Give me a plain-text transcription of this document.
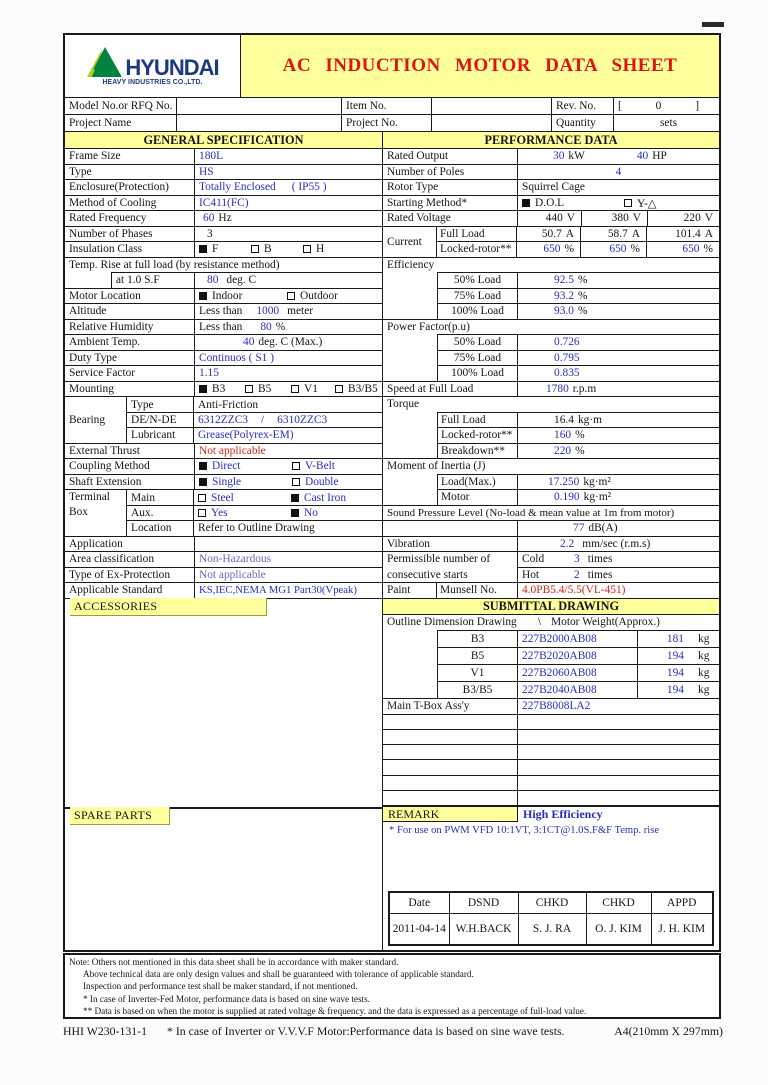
HYUNDAI
HEAVY INDUSTRIES CO.,LTD.
AC INDUCTION MOTOR DATA SHEET
Model No.or RFQ No.	Item No.	Rev. No.	[	0	]
Project Name	Project No.	Quantity	sets
GENERAL SPECIFICATION	PERFORMANCE DATA
Frame Size	180L
Type	HS
Enclosure(Protection)	Totally Enclosed ( IP55 )
Method of Cooling	IC411(FC)
Rated Frequency	60 Hz
Number of Phases	3
Insulation Class	F	B	H
Temp. Rise at full load (by resistance method)
at 1.0 S.F	80 deg. C
Motor Location	Indoor	Outdoor
Altitude	Less than 1000 meter
Relative Humidity	Less than 80 %
Ambient Temp.	40 deg. C (Max.)
Duty Type	Continuos ( S1 )
Service Factor	1.15
Mounting	B3	B5	V1	B3/B5
Bearing
Type	Anti-Friction
DE/N-DE	6312ZZC3 / 6310ZZC3
Lubricant	Grease(Polyrex-EM)
External Thrust	Not applicable
Coupling Method	Direct	V-Belt
Shaft Extension	Single	Double
Terminal
Box
Main	Steel	Cast Iron
Aux.	Yes	No
Location	Refer to Outline Drawing
Application
Area classification	Non-Hazardous
Type of Ex-Protection	Not applicable
Applicable Standard	KS,IEC,NEMA MG1 Part30(Vpeak)
ACCESSORIES
SPARE PARTS
Rated Output	30 kW	40 HP
Number of Poles	4
Rotor Type	Squirrel Cage
Starting Method*	D.O.L	Y-△
Rated Voltage	440 V	380 V	220 V
Current
Full Load	50.7 A	58.7 A	101.4 A
Locked-rotor**	650 %	650 %	650 %
Efficiency
50% Load	92.5 %
75% Load	93.2 %
100% Load	93.0 %
Power Factor(p.u)
50% Load	0.726
75% Load	0.795
100% Load	0.835
Speed at Full Load	1780 r.p.m
Torque
Full Load	16.4 kg·m
Locked-rotor**	160 %
Breakdown**	220 %
Moment of Inertia (J)
Load(Max.)	17.250 kg·m²
Motor	0.190 kg·m²
Sound Pressure Level (No-load & mean value at 1m from motor)
77 dB(A)
Vibration	2.2 mm/sec (r.m.s)
Permissible number of
consecutive starts
Cold	3 times
Hot	2 times
Paint	Munsell No.	4.0PB5.4/5.5(VL-451)
SUBMITTAL DRAWING
Outline Dimension Drawing	\ Motor Weight(Approx.)
B3	227B2000AB08	181 kg
B5	227B2020AB08	194 kg
V1	227B2060AB08	194 kg
B3/B5	227B2040AB08	194 kg
Main T-Box Ass'y	227B8008LA2
REMARK	High Efficiency
* For use on PWM VFD 10:1VT, 3:1CT@1.0S.F&F Temp. rise
Date	DSND	CHKD	CHKD	APPD
2011-04-14	W.H.BACK	S. J. RA	O. J. KIM	J. H. KIM
Note: Others not mentioned in this data sheet shall be in accordance with maker standard.
Above technical data are only design values and shall be guaranteed with tolerance of applicable standard.
Inspection and performance test shall be maker standard, if not mentioned.
* In case of Inverter-Fed Motor, performance data is based on sine wave tests.
** Data is based on when the motor is supplied at rated voltage & frequency. and the data is expressed as a percentage of full-load value.
HHI W230-131-1	* In case of Inverter or V.V.V.F Motor:Performance data is based on sine wave tests.	A4(210mm X 297mm)
